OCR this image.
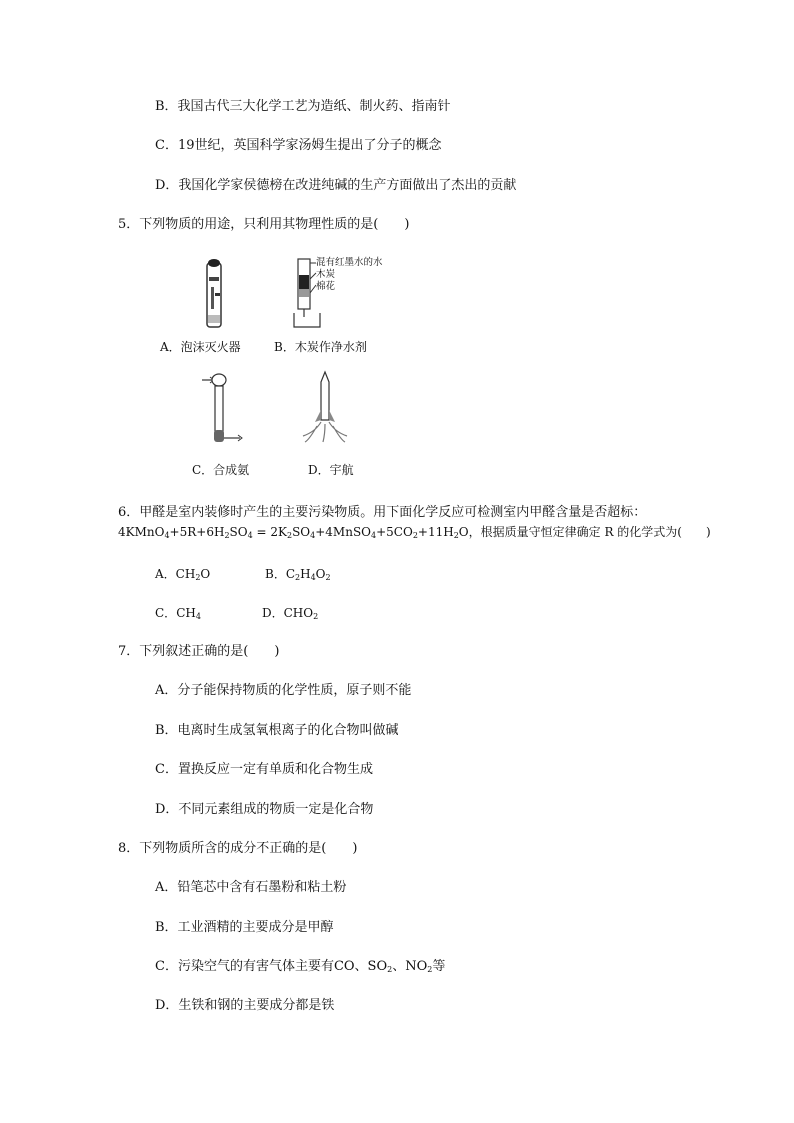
B．我国古代三大化学工艺为造纸、制火药、指南针
C．19世纪，英国科学家汤姆生提出了分子的概念
D．我国化学家侯德榜在改进纯碱的生产方面做出了杰出的贡献
5．下列物质的用途，只利用其物理性质的是(　　)
混有红墨水的水
木炭
棉花
A．泡沫灭火器	B．木炭作净水剂
C．合成氨	D．宇航
6．甲醛是室内装修时产生的主要污染物质。用下面化学反应可检测室内甲醛含量是否超标：
$4KMnO_4+5R+6H_2SO_4$ = $2K_2SO_4+4MnSO_4+5CO_2+11H_2O$，根据质量守恒定律确定 R 的化学式为(　　)
A．$CH_2O$	B．$C_2H_4O_2$
C．$CH_4$	D．$CHO_2$
7．下列叙述正确的是(　　)
A．分子能保持物质的化学性质，原子则不能
B．电离时生成氢氧根离子的化合物叫做碱
C．置换反应一定有单质和化合物生成
D．不同元素组成的物质一定是化合物
8．下列物质所含的成分不正确的是(　　)
A．铅笔芯中含有石墨粉和粘土粉
B．工业酒精的主要成分是甲醇
C．污染空气的有害气体主要有CO、$SO_2$、$NO_2$等
D．生铁和钢的主要成分都是铁
